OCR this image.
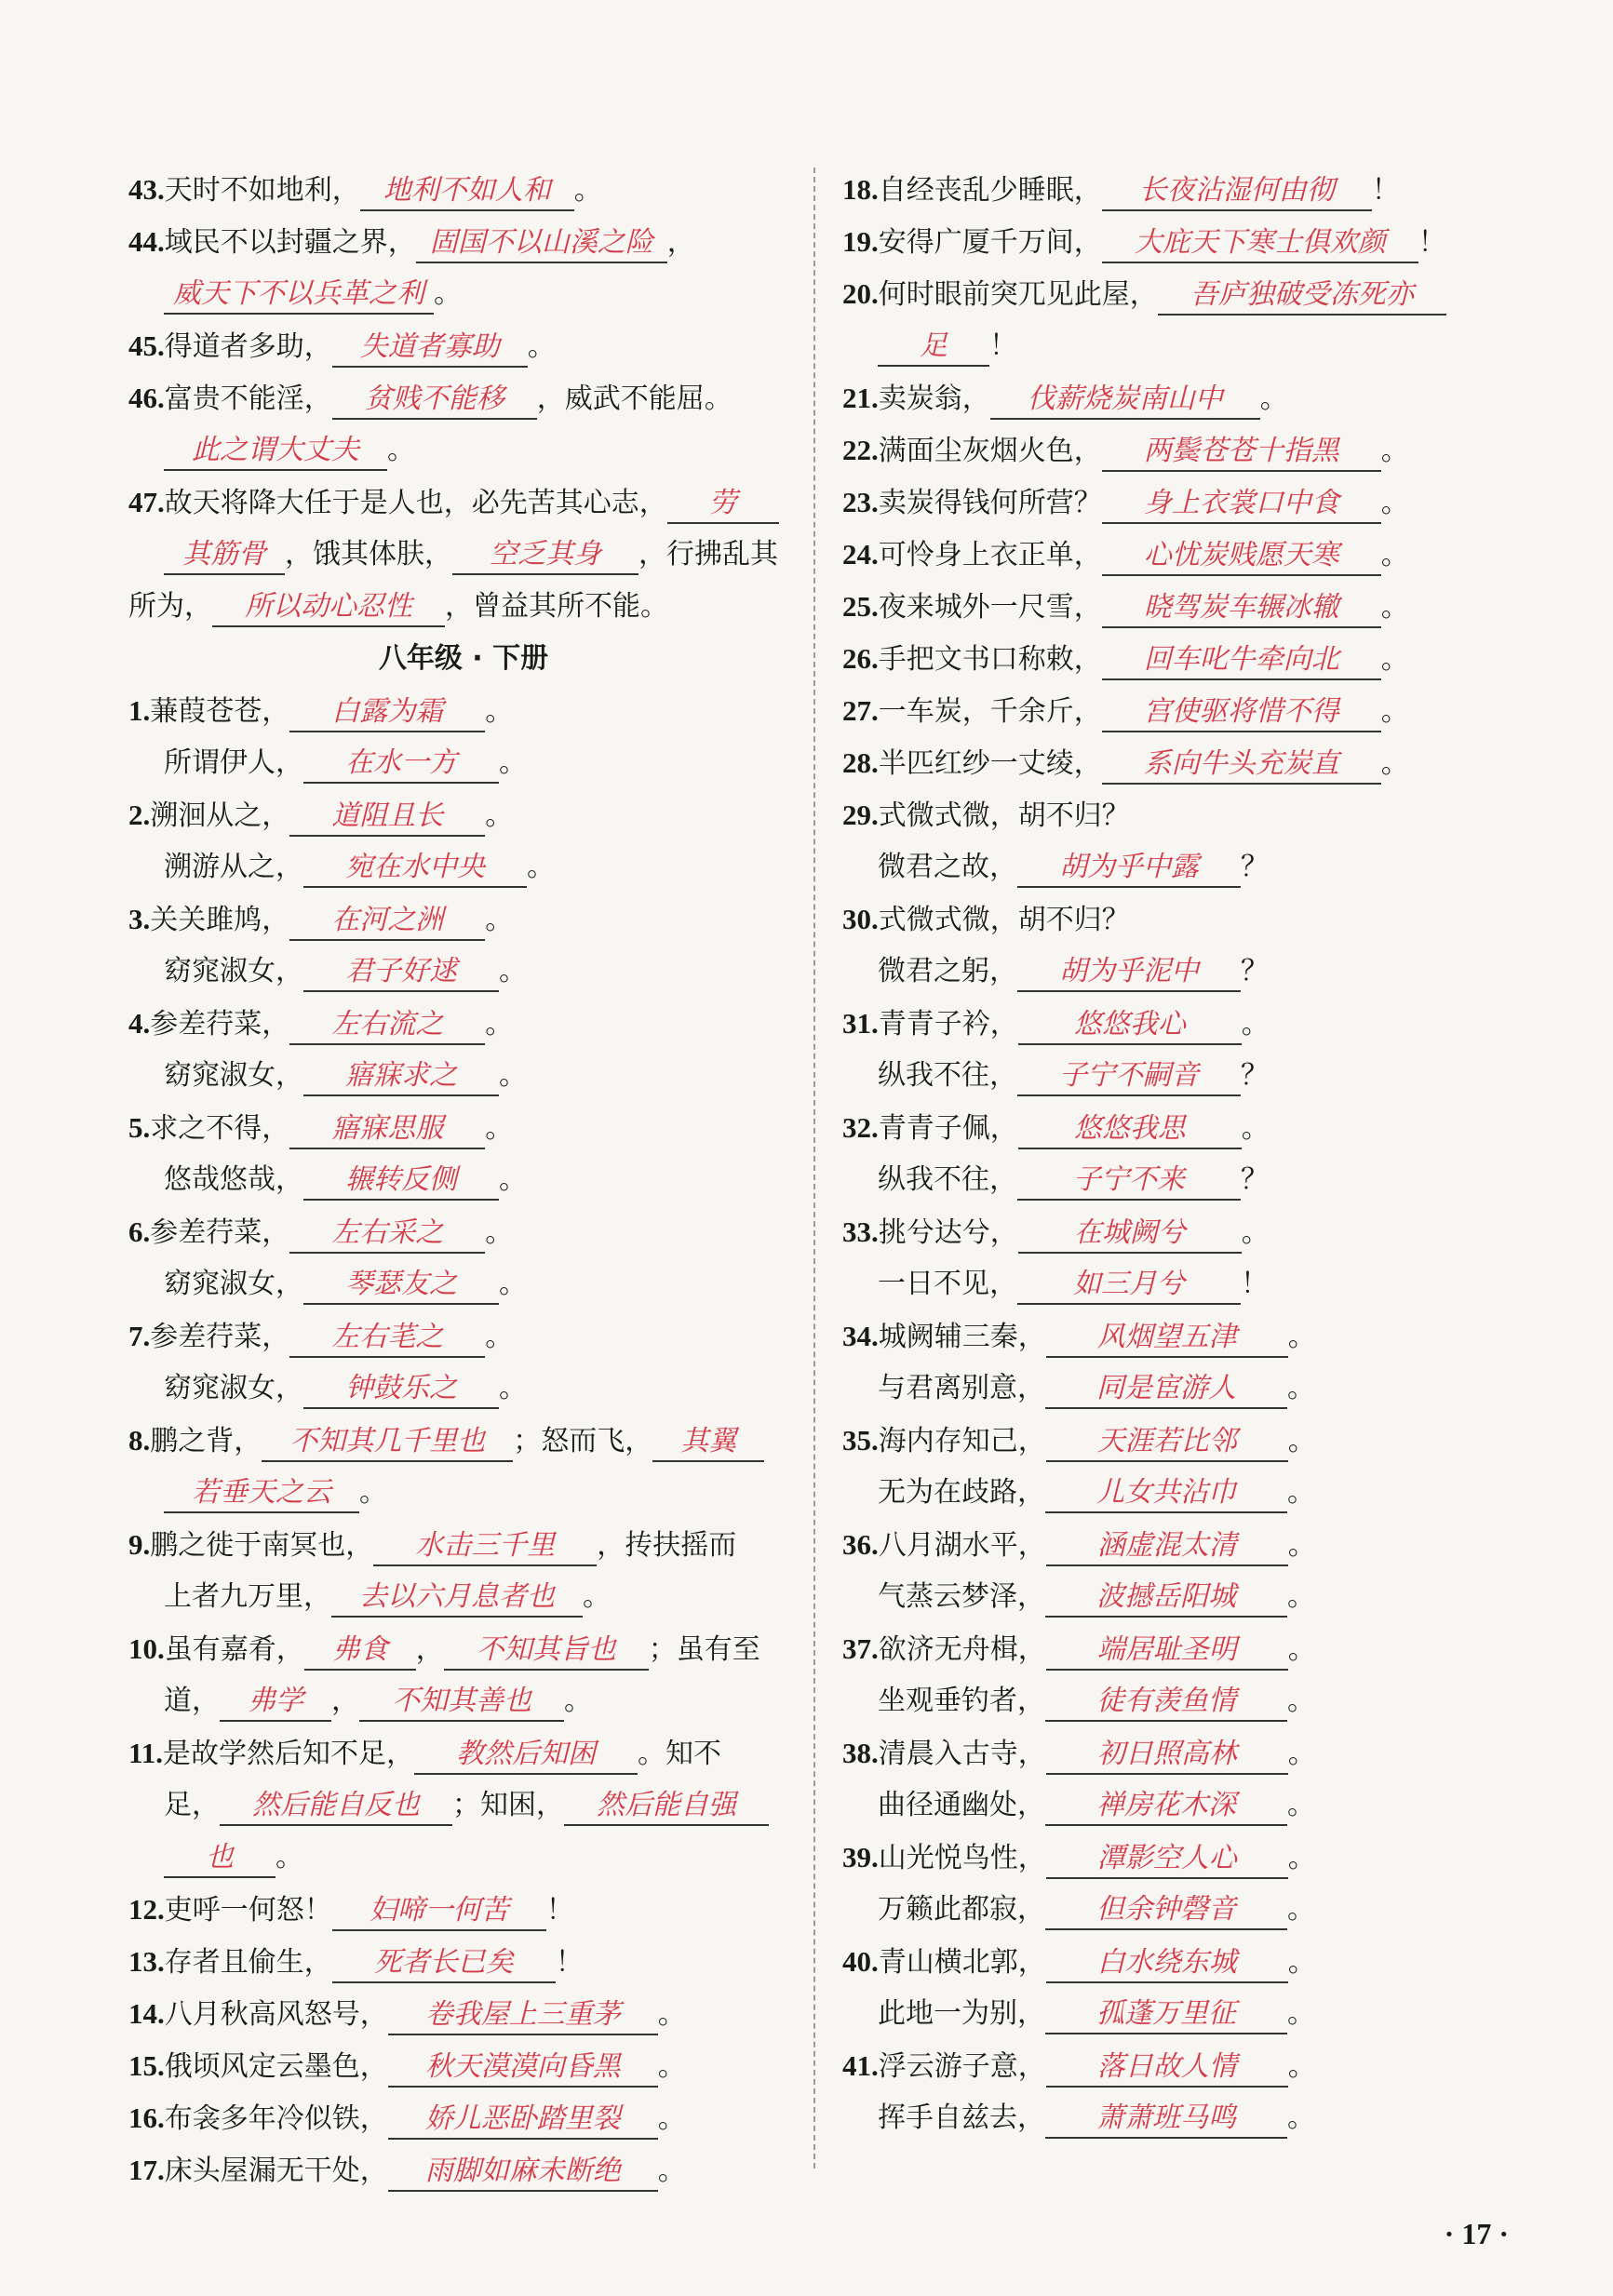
43.天时不如地利， 地利不如人和 。
44.域民不以封疆之界， 固国不以山溪之险 ，
威天下不以兵革之利 。
45.得道者多助， 失道者寡助 。
46.富贵不能淫， 贫贱不能移 ，威武不能屈。
此之谓大丈夫 。
47.故天将降大任于是人也，必先苦其心志， 劳
其筋骨 ，饿其体肤， 空乏其身 ，行拂乱其
所为， 所以动心忍性 ，曾益其所不能。
八年级 · 下册
1.蒹葭苍苍， 白露为霜 。
所谓伊人， 在水一方 。
2.溯洄从之， 道阻且长 。
溯游从之， 宛在水中央 。
3.关关雎鸠， 在河之洲 。
窈窕淑女， 君子好逑 。
4.参差荇菜， 左右流之 。
窈窕淑女， 寤寐求之 。
5.求之不得， 寤寐思服 。
悠哉悠哉， 辗转反侧 。
6.参差荇菜， 左右采之 。
窈窕淑女， 琴瑟友之 。
7.参差荇菜， 左右芼之 。
窈窕淑女， 钟鼓乐之 。
8.鹏之背， 不知其几千里也 ；怒而飞， 其翼
若垂天之云 。
9.鹏之徙于南冥也， 水击三千里 ，抟扶摇而
上者九万里， 去以六月息者也 。
10.虽有嘉肴， 弗食 ， 不知其旨也 ；虽有至
道， 弗学 ， 不知其善也 。
11.是故学然后知不足， 教然后知困 。知不
足， 然后能自反也 ；知困， 然后能自强
也 。
12.吏呼一何怒！ 妇啼一何苦 ！
13.存者且偷生， 死者长已矣 ！
14.八月秋高风怒号， 卷我屋上三重茅 。
15.俄顷风定云墨色， 秋天漠漠向昏黑 。
16.布衾多年冷似铁， 娇儿恶卧踏里裂 。
17.床头屋漏无干处， 雨脚如麻未断绝 。
18.自经丧乱少睡眠， 长夜沾湿何由彻 ！
19.安得广厦千万间， 大庇天下寒士俱欢颜 ！
20.何时眼前突兀见此屋， 吾庐独破受冻死亦
足 ！
21.卖炭翁， 伐薪烧炭南山中 。
22.满面尘灰烟火色， 两鬓苍苍十指黑 。
23.卖炭得钱何所营？ 身上衣裳口中食 。
24.可怜身上衣正单， 心忧炭贱愿天寒 。
25.夜来城外一尺雪， 晓驾炭车辗冰辙 。
26.手把文书口称敕， 回车叱牛牵向北 。
27.一车炭，千余斤， 宫使驱将惜不得 。
28.半匹红纱一丈绫， 系向牛头充炭直 。
29.式微式微，胡不归？
微君之故， 胡为乎中露 ？
30.式微式微，胡不归？
微君之躬， 胡为乎泥中 ？
31.青青子衿， 悠悠我心 。
纵我不往， 子宁不嗣音 ？
32.青青子佩， 悠悠我思 。
纵我不往， 子宁不来 ？
33.挑兮达兮， 在城阙兮 。
一日不见， 如三月兮 ！
34.城阙辅三秦， 风烟望五津 。
与君离别意， 同是宦游人 。
35.海内存知己， 天涯若比邻 。
无为在歧路， 儿女共沾巾 。
36.八月湖水平， 涵虚混太清 。
气蒸云梦泽， 波撼岳阳城 。
37.欲济无舟楫， 端居耻圣明 。
坐观垂钓者， 徒有羡鱼情 。
38.清晨入古寺， 初日照高林 。
曲径通幽处， 禅房花木深 。
39.山光悦鸟性， 潭影空人心 。
万籁此都寂， 但余钟磬音 。
40.青山横北郭， 白水绕东城 。
此地一为别， 孤蓬万里征 。
41.浮云游子意， 落日故人情 。
挥手自兹去， 萧萧班马鸣 。
· 17 ·
